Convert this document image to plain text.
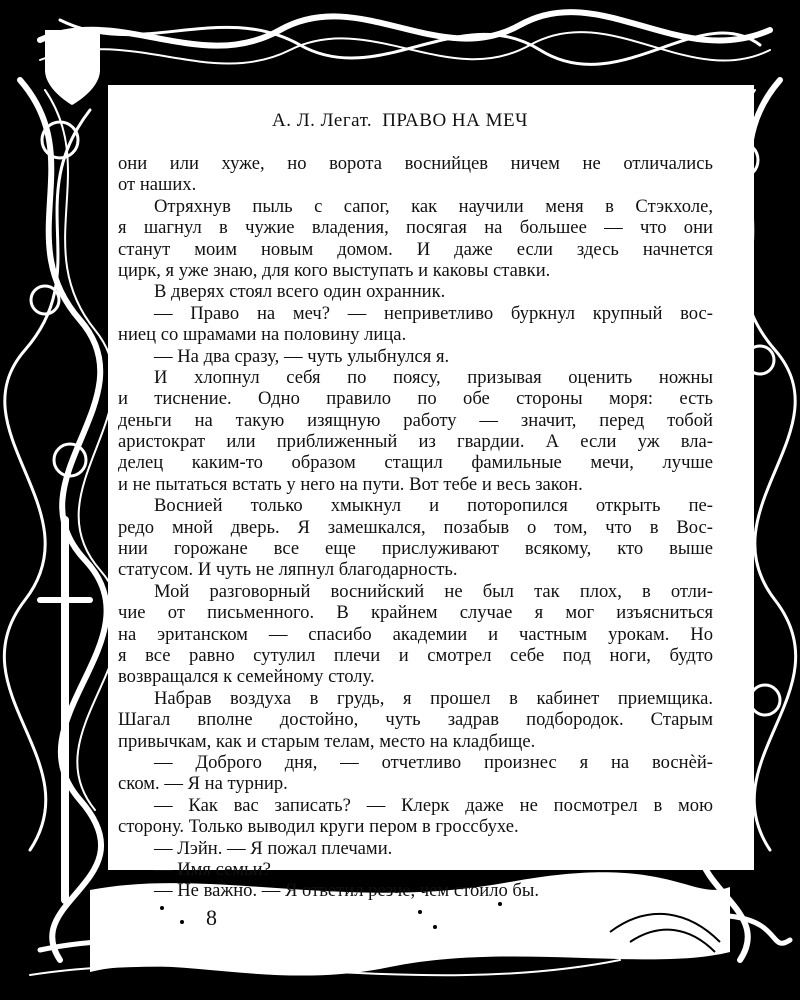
А. Л. Легат. ПРАВО НА МЕЧ
они или хуже, но ворота воснийцев ничем не отличались
от наших.
Отряхнув пыль с сапог, как научили меня в Стэкхоле,
я шагнул в чужие владения, посягая на большее — что они
станут моим новым домом. И даже если здесь начнется
цирк, я уже знаю, для кого выступать и каковы ставки.
В дверях стоял всего один охранник.
— Право на меч? — неприветливо буркнул крупный вос-
ниец со шрамами на половину лица.
— На два сразу, — чуть улыбнулся я.
И хлопнул себя по поясу, призывая оценить ножны
и тиснение. Одно правило по обе стороны моря: есть
деньги на такую изящную работу — значит, перед тобой
аристократ или приближенный из гвардии. А если уж вла-
делец каким-то образом стащил фамильные мечи, лучше
и не пытаться встать у него на пути. Вот тебе и весь закон.
Воснией только хмыкнул и поторопился открыть пе-
редо мной дверь. Я замешкался, позабыв о том, что в Вос-
нии горожане все еще прислуживают всякому, кто выше
статусом. И чуть не ляпнул благодарность.
Мой разговорный воснийский не был так плох, в отли-
чие от письменного. В крайнем случае я мог изъясниться
на эританском — спасибо академии и частным урокам. Но
я все равно сутулил плечи и смотрел себе под ноги, будто
возвращался к семейному столу.
Набрав воздуха в грудь, я прошел в кабинет приемщика.
Шагал вполне достойно, чуть задрав подбородок. Старым
привычкам, как и старым телам, место на кладбище.
— Доброго дня, — отчетливо произнес я на воснèй-
ском. — Я на турнир.
— Как вас записать? — Клерк даже не посмотрел в мою
сторону. Только выводил круги пером в гроссбухе.
— Лэйн. — Я пожал плечами.
— Имя семьи?
— Не важно. — Я ответил резче, чем стоило бы.
8
